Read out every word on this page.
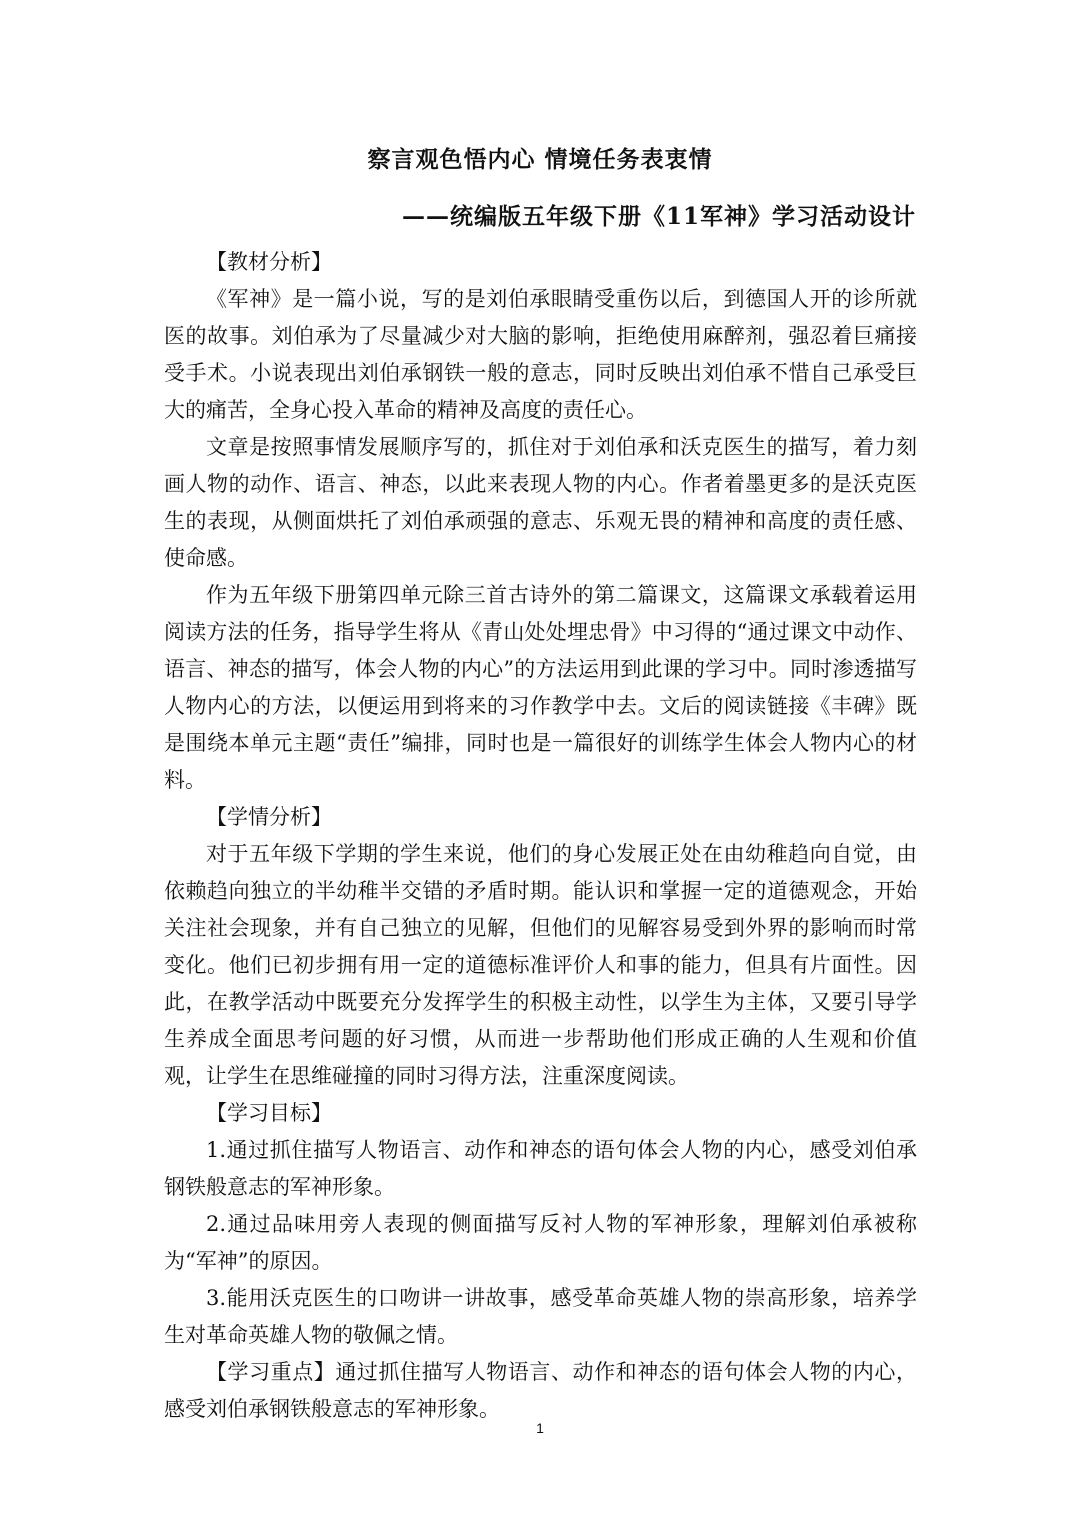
察言观色悟内心 情境任务表衷情
——统编版五年级下册《11军神》学习活动设计

【教材分析】

《军神》是一篇小说，写的是刘伯承眼睛受重伤以后，到德国人开的诊所就医的故事。刘伯承为了尽量减少对大脑的影响，拒绝使用麻醉剂，强忍着巨痛接受手术。小说表现出刘伯承钢铁一般的意志，同时反映出刘伯承不惜自己承受巨大的痛苦，全身心投入革命的精神及高度的责任心。

文章是按照事情发展顺序写的，抓住对于刘伯承和沃克医生的描写，着力刻画人物的动作、语言、神态，以此来表现人物的内心。作者着墨更多的是沃克医生的表现，从侧面烘托了刘伯承顽强的意志、乐观无畏的精神和高度的责任感、使命感。

作为五年级下册第四单元除三首古诗外的第二篇课文，这篇课文承载着运用阅读方法的任务，指导学生将从《青山处处埋忠骨》中习得的“通过课文中动作、语言、神态的描写，体会人物的内心”的方法运用到此课的学习中。同时渗透描写人物内心的方法，以便运用到将来的习作教学中去。文后的阅读链接《丰碑》既是围绕本单元主题“责任”编排，同时也是一篇很好的训练学生体会人物内心的材料。

【学情分析】

对于五年级下学期的学生来说，他们的身心发展正处在由幼稚趋向自觉，由依赖趋向独立的半幼稚半交错的矛盾时期。能认识和掌握一定的道德观念，开始关注社会现象，并有自己独立的见解，但他们的见解容易受到外界的影响而时常变化。他们已初步拥有用一定的道德标准评价人和事的能力，但具有片面性。因此，在教学活动中既要充分发挥学生的积极主动性，以学生为主体，又要引导学生养成全面思考问题的好习惯，从而进一步帮助他们形成正确的人生观和价值观，让学生在思维碰撞的同时习得方法，注重深度阅读。

【学习目标】

1.通过抓住描写人物语言、动作和神态的语句体会人物的内心，感受刘伯承钢铁般意志的军神形象。

2.通过品味用旁人表现的侧面描写反衬人物的军神形象，理解刘伯承被称为“军神”的原因。

3.能用沃克医生的口吻讲一讲故事，感受革命英雄人物的崇高形象，培养学生对革命英雄人物的敬佩之情。

【学习重点】通过抓住描写人物语言、动作和神态的语句体会人物的内心，感受刘伯承钢铁般意志的军神形象。

1
